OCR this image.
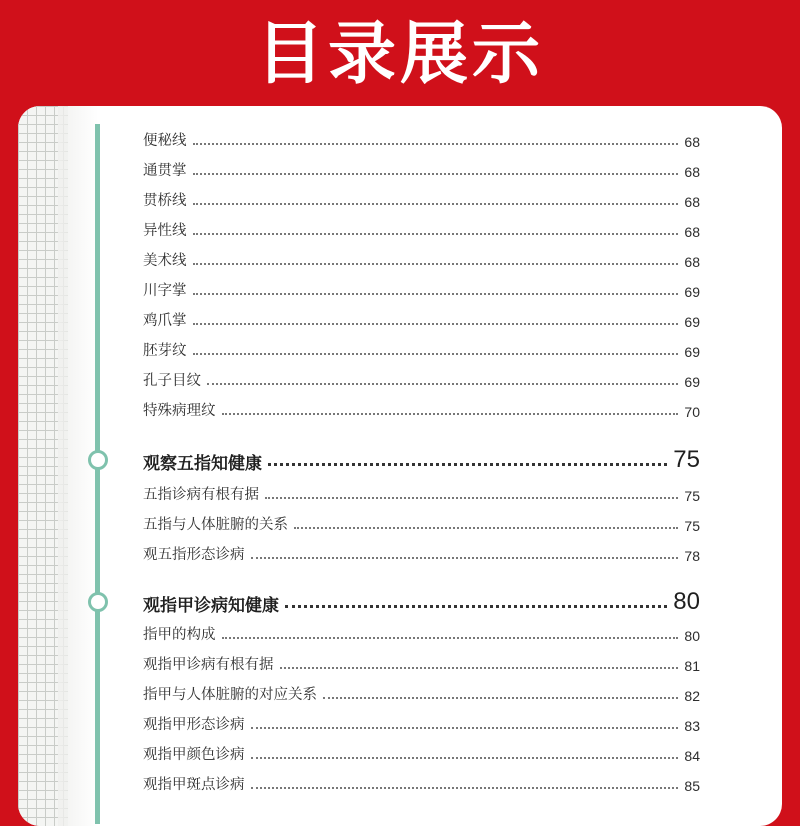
目录展示
便秘线	68
通贯掌	68
贯桥线	68
异性线	68
美术线	68
川字掌	69
鸡爪掌	69
胚芽纹	69
孔子目纹	69
特殊病理纹	70
观察五指知健康	75
五指诊病有根有据	75
五指与人体脏腑的关系	75
观五指形态诊病	78
观指甲诊病知健康	80
指甲的构成	80
观指甲诊病有根有据	81
指甲与人体脏腑的对应关系	82
观指甲形态诊病	83
观指甲颜色诊病	84
观指甲斑点诊病	85
